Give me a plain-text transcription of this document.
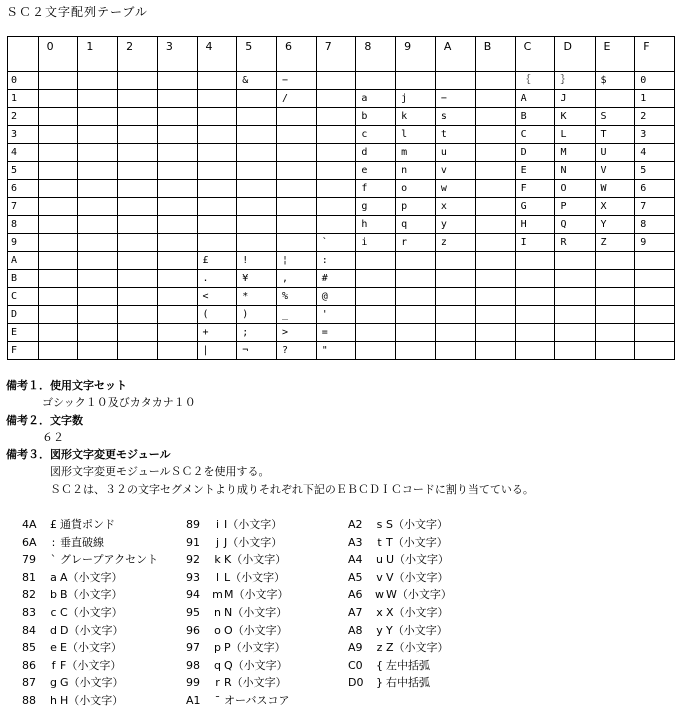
ＳＣ２文字配列テーブル
	0	1	2	3	4	5	6	7	8	9	A	B	C	D	E	F
0						&	−						｛	｝	$	0
1							/		a	j	−		A	J		1
2									b	k	s		B	K	S	2
3									c	l	t		C	L	T	3
4									d	m	u		D	M	U	4
5									e	n	v		E	N	V	5
6									f	o	w		F	O	W	6
7									g	p	x		G	P	X	7
8									h	q	y		H	Q	Y	8
9								`	i	r	z		I	R	Z	9
A					£	!	¦	:								
B					.	¥	,	#								
C					<	*	%	@								
D					(	)	_	'								
E					+	;	>	=								
F					|	¬	?	"								
備考１．使用文字セット
ゴシック１０及びカタカナ１０
備考２．文字数
６２
備考３．図形文字変更モジュール
図形文字変更モジュールＳＣ２を使用する。
ＳＣ２は、３２の文字セグメントより成りそれぞれ下記のＥＢＣＤＩＣコードに割り当てている。
4A £ 通貨ポンド
6A : 垂直破線
79 ` グレープアクセント
81 a A（小文字）
82 b B（小文字）
83 c C（小文字）
84 d D（小文字）
85 e E（小文字）
86 f F（小文字）
87 g G（小文字）
88 h H（小文字）
89 i I（小文字）
91 j J（小文字）
92 k K（小文字）
93 l L（小文字）
94 mM（小文字）
95 n N（小文字）
96 o O（小文字）
97 p P（小文字）
98 q Q（小文字）
99 r R（小文字）
A1 ¯ オーバスコア
A2 s S（小文字）
A3 t T（小文字）
A4 u U（小文字）
A5 v V（小文字）
A6 w W（小文字）
A7 x X（小文字）
A8 y Y（小文字）
A9 z Z（小文字）
C0 { 左中括弧
D0 } 右中括弧
